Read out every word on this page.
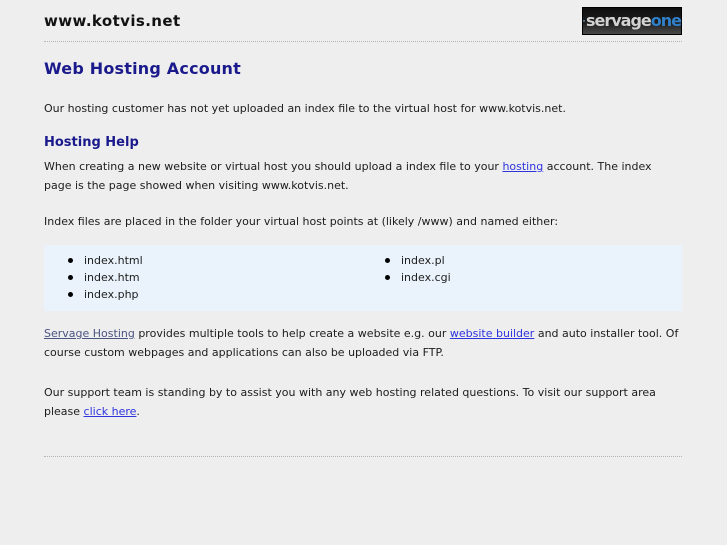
www.kotvis.net	servage one
Web Hosting Account

Our hosting customer has not yet uploaded an index file to the virtual host for www.kotvis.net.

Hosting Help

When creating a new website or virtual host you should upload a index file to your hosting account. The index page is the page showed when visiting www.kotvis.net.

Index files are placed in the folder your virtual host points at (likely /www) and named either:

index.html
index.htm
index.php
index.pl
index.cgi

Servage Hosting provides multiple tools to help create a website e.g. our website builder and auto installer tool. Of course custom webpages and applications can also be uploaded via FTP.

Our support team is standing by to assist you with any web hosting related questions. To visit our support area please click here.
